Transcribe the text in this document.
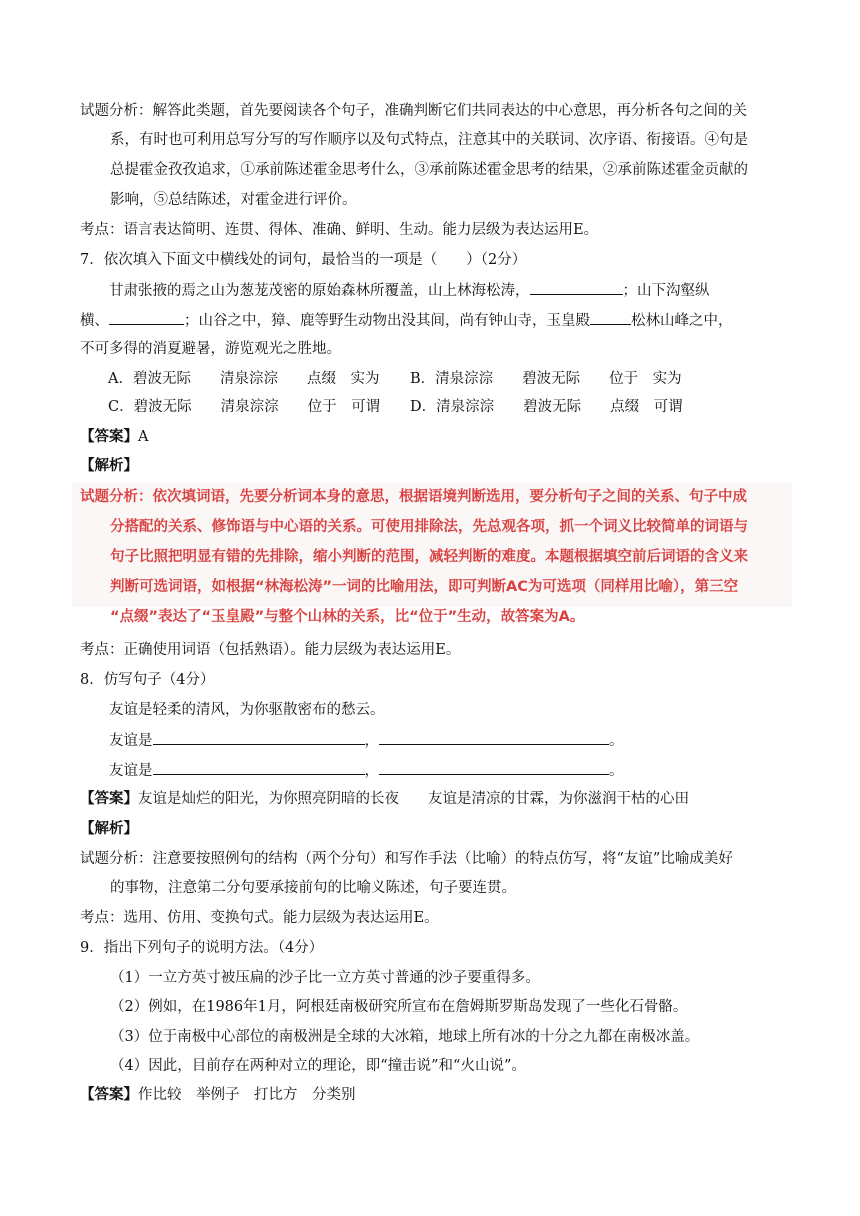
试题分析：解答此类题，首先要阅读各个句子，准确判断它们共同表达的中心意思，再分析各句之间的关
系，有时也可利用总写分写的写作顺序以及句式特点，注意其中的关联词、次序语、衔接语。④句是
总提霍金孜孜追求，①承前陈述霍金思考什么，③承前陈述霍金思考的结果，②承前陈述霍金贡献的
影响，⑤总结陈述，对霍金进行评价。
考点：语言表达简明、连贯、得体、准确、鲜明、生动。能力层级为表达运用E。
7．依次填入下面文中横线处的词句，最恰当的一项是（　　）（2分）
甘肃张掖的焉之山为葱茏茂密的原始森林所覆盖，山上林海松涛，	；山下沟壑纵
横、	；山谷之中，獐、鹿等野生动物出没其间，尚有钟山寺，玉皇殿	松林山峰之中，
不可多得的消夏避暑，游览观光之胜地。
A．碧波无际　　清泉淙淙　　点缀　实为 B．清泉淙淙　　碧波无际　　位于　实为
C．碧波无际　　清泉淙淙　　位于　可谓 D．清泉淙淙　　碧波无际　　点缀　可谓
【答案】A
【解析】
试题分析：依次填词语，先要分析词本身的意思，根据语境判断选用，要分析句子之间的关系、句子中成
分搭配的关系、修饰语与中心语的关系。可使用排除法，先总观各项，抓一个词义比较简单的词语与
句子比照把明显有错的先排除，缩小判断的范围，减轻判断的难度。本题根据填空前后词语的含义来
判断可选词语，如根据“林海松涛”一词的比喻用法，即可判断AC为可选项（同样用比喻），第三空
“点缀”表达了“玉皇殿”与整个山林的关系，比“位于”生动，故答案为A。
考点：正确使用词语（包括熟语）。能力层级为表达运用E。
8．仿写句子（4分）
友谊是轻柔的清风，为你驱散密布的愁云。
友谊是	，	。
友谊是	，	。
【答案】友谊是灿烂的阳光，为你照亮阴暗的长夜　　友谊是清凉的甘霖，为你滋润干枯的心田
【解析】
试题分析：注意要按照例句的结构（两个分句）和写作手法（比喻）的特点仿写，将“友谊”比喻成美好
的事物，注意第二分句要承接前句的比喻义陈述，句子要连贯。
考点：选用、仿用、变换句式。能力层级为表达运用E。
9．指出下列句子的说明方法。（4分）
（1）一立方英寸被压扁的沙子比一立方英寸普通的沙子要重得多。
（2）例如，在1986年1月，阿根廷南极研究所宣布在詹姆斯罗斯岛发现了一些化石骨骼。
（3）位于南极中心部位的南极洲是全球的大冰箱，地球上所有冰的十分之九都在南极冰盖。
（4）因此，目前存在两种对立的理论，即“撞击说”和“火山说”。
【答案】作比较　举例子　打比方　分类别
